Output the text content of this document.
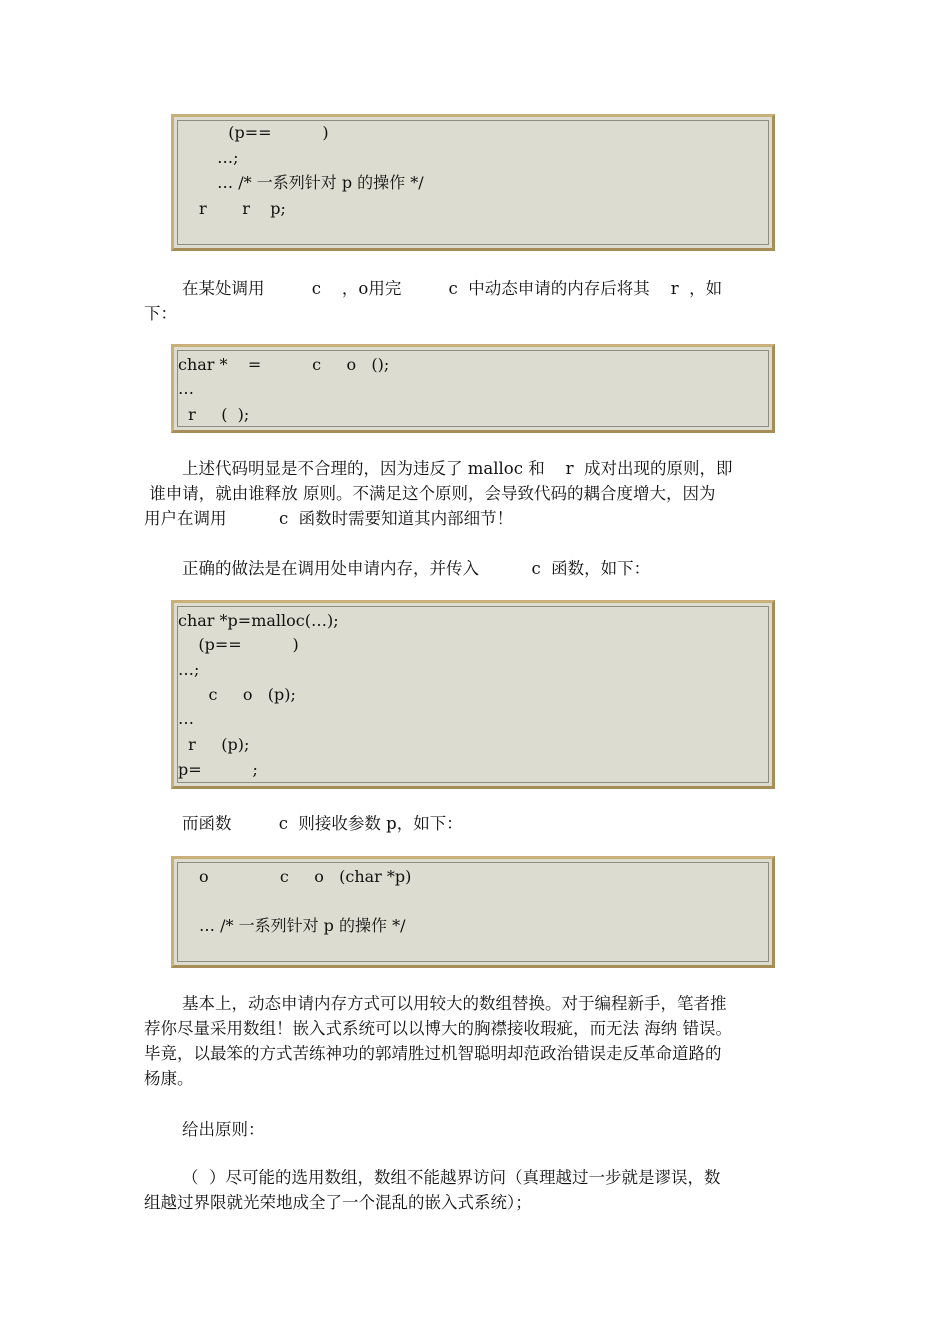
(p==          )
…;
… /* 一系列针对 p 的操作 */
r       r    p;
在某处调用         c    ，o用完         c  中动态申请的内存后将其    r  ，如
下：
char *    =          c     o   ();
…
r     (  );
上述代码明显是不合理的，因为违反了 malloc 和    r  成对出现的原则，即
谁申请，就由谁释放 原则。不满足这个原则，会导致代码的耦合度增大，因为
用户在调用          c  函数时需要知道其内部细节！
正确的做法是在调用处申请内存，并传入          c  函数，如下：
char *p=malloc(…);
(p==          )
…;
c     o   (p);
…
r     (p);
p=          ;
而函数         c  则接收参数 p，如下：
o              c     o   (char *p)
… /* 一系列针对 p 的操作 */
基本上，动态申请内存方式可以用较大的数组替换。对于编程新手，笔者推
荐你尽量采用数组！嵌入式系统可以以博大的胸襟接收瑕疵，而无法 海纳 错误。
毕竟，以最笨的方式苦练神功的郭靖胜过机智聪明却范政治错误走反革命道路的
杨康。
给出原则：
（  ）尽可能的选用数组，数组不能越界访问（真理越过一步就是谬误，数
组越过界限就光荣地成全了一个混乱的嵌入式系统）；
